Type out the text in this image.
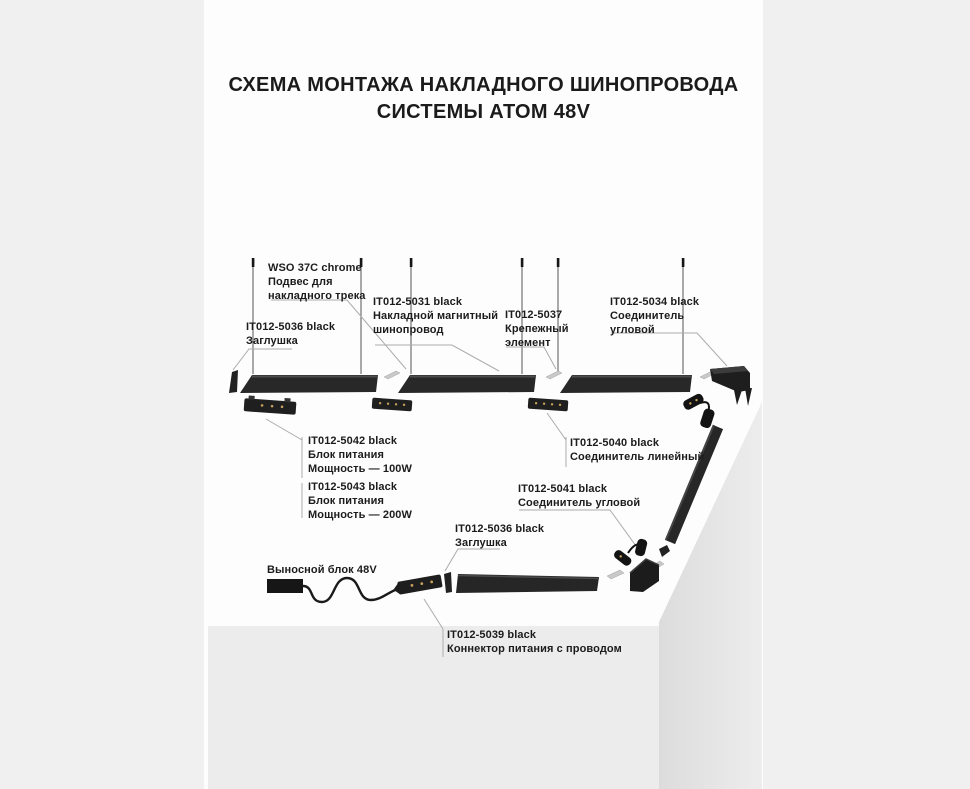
СХЕМА МОНТАЖА НАКЛАДНОГО ШИНОПРОВОДА СИСТЕМЫ АТОМ 48V
WSO 37C chrome
Подвес для
накладного трека
IT012-5036 black
Заглушка
IT012-5031 black
Накладной магнитный
шинопровод
IT012-5037
Крепежный
элемент
IT012-5034 black
Соединитель
угловой
IT012-5042 black
Блок питания
Мощность — 100W
IT012-5043 black
Блок питания
Мощность — 200W
IT012-5040 black
Соединитель линейный
IT012-5041 black
Соединитель угловой
IT012-5036 black
Заглушка
Выносной блок 48V
IT012-5039 black
Коннектор питания с проводом
